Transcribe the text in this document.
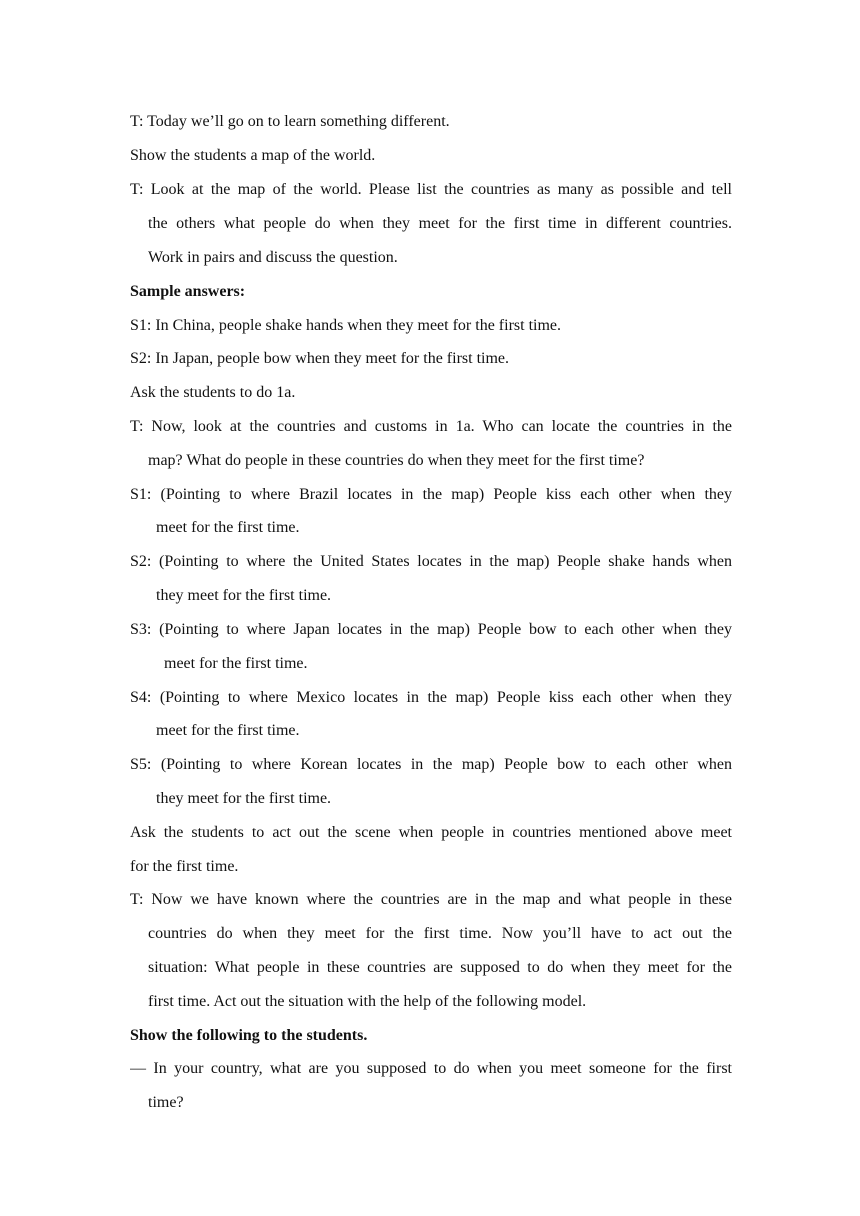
T: Today we’ll go on to learn something different.
Show the students a map of the world.
T: Look at the map of the world. Please list the countries as many as possible and tell
the others what people do when they meet for the first time in different countries.
Work in pairs and discuss the question.
Sample answers:
S1: In China, people shake hands when they meet for the first time.
S2: In Japan, people bow when they meet for the first time.
Ask the students to do 1a.
T: Now, look at the countries and customs in 1a. Who can locate the countries in the
map? What do people in these countries do when they meet for the first time?
S1: (Pointing to where Brazil locates in the map) People kiss each other when they
meet for the first time.
S2: (Pointing to where the United States locates in the map) People shake hands when
they meet for the first time.
S3: (Pointing to where Japan locates in the map) People bow to each other when they
meet for the first time.
S4: (Pointing to where Mexico locates in the map) People kiss each other when they
meet for the first time.
S5: (Pointing to where Korean locates in the map) People bow to each other when
they meet for the first time.
Ask the students to act out the scene when people in countries mentioned above meet
for the first time.
T: Now we have known where the countries are in the map and what people in these
countries do when they meet for the first time. Now you’ll have to act out the
situation: What people in these countries are supposed to do when they meet for the
first time. Act out the situation with the help of the following model.
Show the following to the students.
— In your country, what are you supposed to do when you meet someone for the first
time?
